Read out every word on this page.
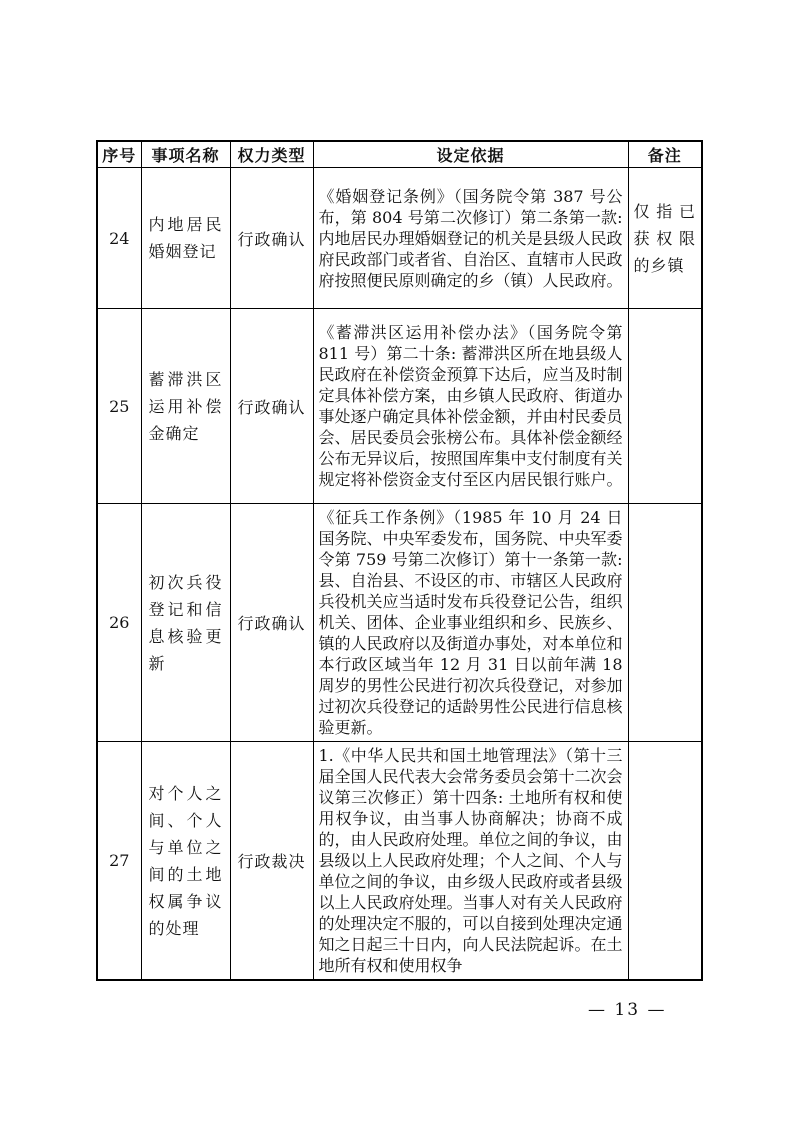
序号	事项名称	权力类型	设定依据	备注
24	内地居民婚姻登记	行政确认	《婚姻登记条例》（国务院令第 387 号公布，第 804 号第二次修订）第二条第一款: 内地居民办理婚姻登记的机关是县级人民政府民政部门或者省、自治区、直辖市人民政府按照便民原则确定的乡（镇）人民政府。	仅指已获权限的乡镇
25	蓄滞洪区运用补偿金确定	行政确认	《蓄滞洪区运用补偿办法》（国务院令第 811 号）第二十条: 蓄滞洪区所在地县级人民政府在补偿资金预算下达后，应当及时制定具体补偿方案，由乡镇人民政府、街道办事处逐户确定具体补偿金额，并由村民委员会、居民委员会张榜公布。具体补偿金额经公布无异议后，按照国库集中支付制度有关规定将补偿资金支付至区内居民银行账户。	
26	初次兵役登记和信息核验更新	行政确认	《征兵工作条例》（1985 年 10 月 24 日国务院、中央军委发布，国务院、中央军委令第 759 号第二次修订）第十一条第一款: 县、自治县、不设区的市、市辖区人民政府兵役机关应当适时发布兵役登记公告，组织机关、团体、企业事业组织和乡、民族乡、镇的人民政府以及街道办事处，对本单位和本行政区域当年 12 月 31 日以前年满 18 周岁的男性公民进行初次兵役登记，对参加过初次兵役登记的适龄男性公民进行信息核验更新。	
27	对个人之间、个人与单位之间的土地权属争议的处理	行政裁决	1.《中华人民共和国土地管理法》（第十三届全国人民代表大会常务委员会第十二次会议第三次修正）第十四条: 土地所有权和使用权争议，由当事人协商解决；协商不成的，由人民政府处理。单位之间的争议，由县级以上人民政府处理；个人之间、个人与单位之间的争议，由乡级人民政府或者县级以上人民政府处理。当事人对有关人民政府的处理决定不服的，可以自接到处理决定通知之日起三十日内，向人民法院起诉。在土地所有权和使用权争	
— 13 —
